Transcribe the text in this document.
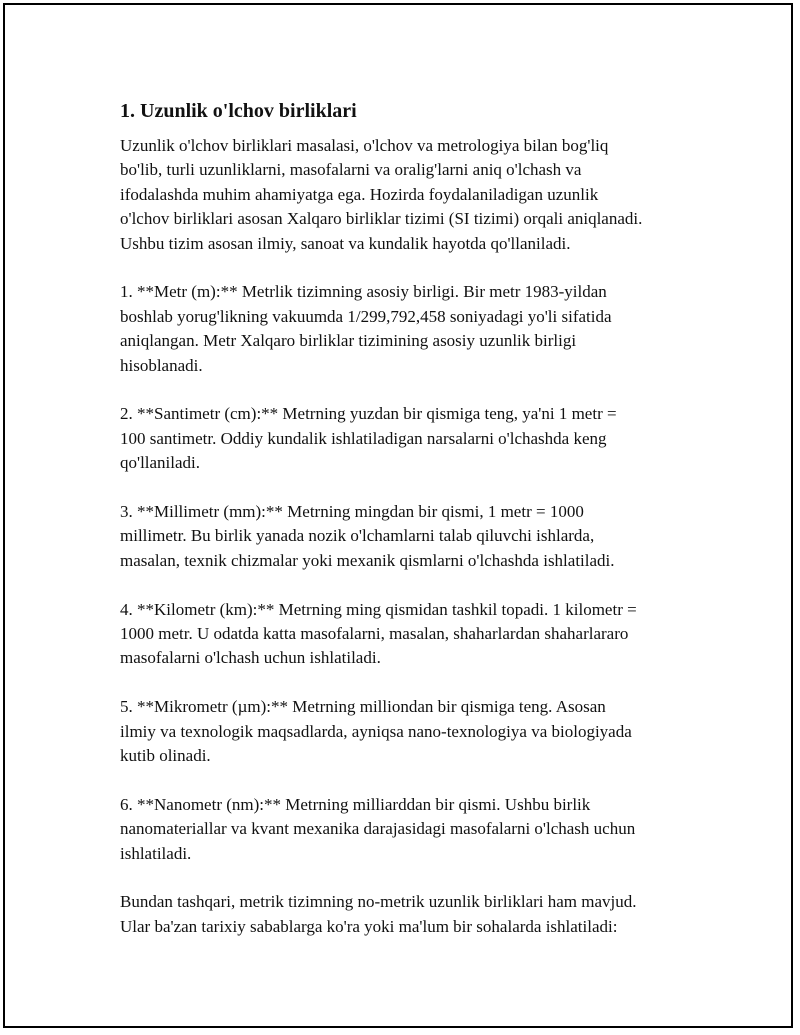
1. Uzunlik o'lchov birliklari
Uzunlik o'lchov birliklari masalasi, o'lchov va metrologiya bilan bog'liq
bo'lib, turli uzunliklarni, masofalarni va oralig'larni aniq o'lchash va
ifodalashda muhim ahamiyatga ega. Hozirda foydalaniladigan uzunlik
o'lchov birliklari asosan Xalqaro birliklar tizimi (SI tizimi) orqali aniqlanadi.
Ushbu tizim asosan ilmiy, sanoat va kundalik hayotda qo'llaniladi.
1. **Metr (m):** Metrlik tizimning asosiy birligi. Bir metr 1983-yildan
boshlab yorug'likning vakuumda 1/299,792,458 soniyadagi yo'li sifatida
aniqlangan. Metr Xalqaro birliklar tizimining asosiy uzunlik birligi
hisoblanadi.
2. **Santimetr (cm):** Metrning yuzdan bir qismiga teng, ya'ni 1 metr =
100 santimetr. Oddiy kundalik ishlatiladigan narsalarni o'lchashda keng
qo'llaniladi.
3. **Millimetr (mm):** Metrning mingdan bir qismi, 1 metr = 1000
millimetr. Bu birlik yanada nozik o'lchamlarni talab qiluvchi ishlarda,
masalan, texnik chizmalar yoki mexanik qismlarni o'lchashda ishlatiladi.
4. **Kilometr (km):** Metrning ming qismidan tashkil topadi. 1 kilometr =
1000 metr. U odatda katta masofalarni, masalan, shaharlardan shaharlararo
masofalarni o'lchash uchun ishlatiladi.
5. **Mikrometr (µm):** Metrning milliondan bir qismiga teng. Asosan
ilmiy va texnologik maqsadlarda, ayniqsa nano-texnologiya va biologiyada
kutib olinadi.
6. **Nanometr (nm):** Metrning milliarddan bir qismi. Ushbu birlik
nanomateriallar va kvant mexanika darajasidagi masofalarni o'lchash uchun
ishlatiladi.
Bundan tashqari, metrik tizimning no-metrik uzunlik birliklari ham mavjud.
Ular ba'zan tarixiy sabablarga ko'ra yoki ma'lum bir sohalarda ishlatiladi:
